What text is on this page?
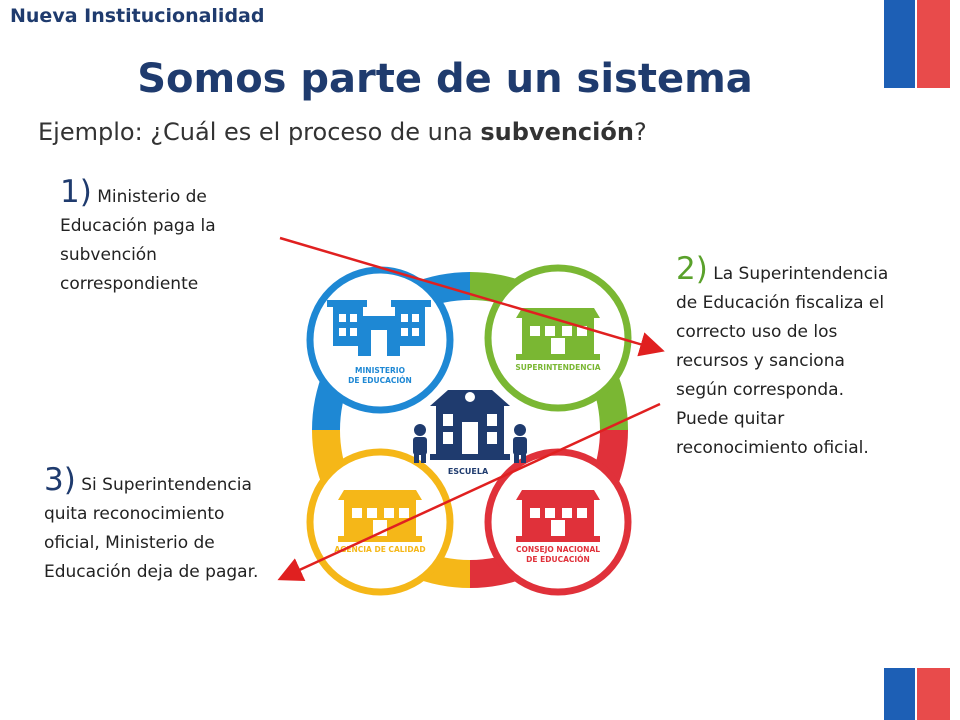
Nueva Institucionalidad
Somos parte de un sistema
Ejemplo: ¿Cuál es el proceso de una subvención?
1) Ministerio de Educación paga la subvención correspondiente	2) La Superintendencia de Educación fiscaliza el correcto uso de los recursos y sanciona según corresponda. Puede quitar reconocimiento oficial.
3) Si Superintendencia quita reconocimiento oficial, Ministerio de Educación deja de pagar.
MINISTERIO
DE EDUCACIÓN
SUPERINTENDENCIA
CONSEJO NACIONAL
DE EDUCACIÓN
AGENCIA DE CALIDAD
ESCUELA
